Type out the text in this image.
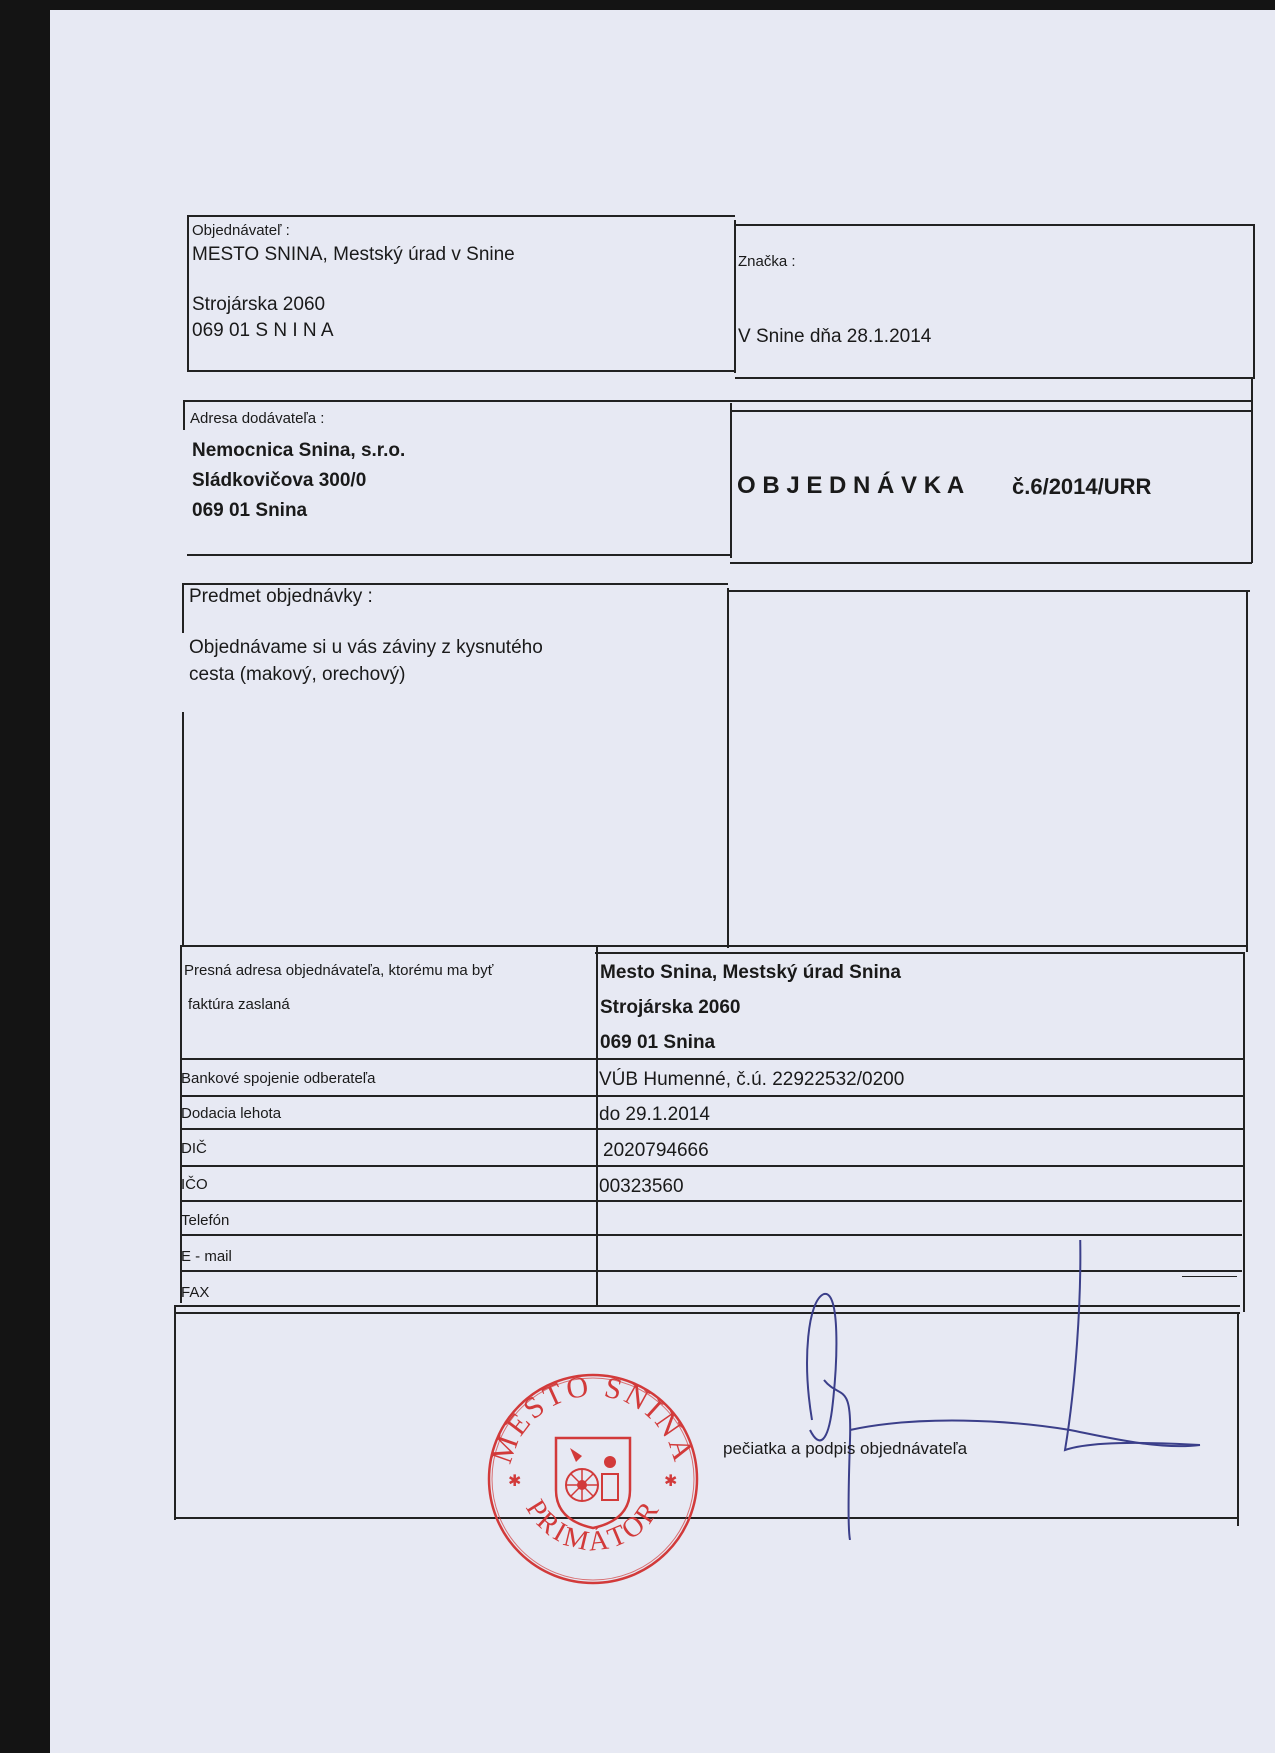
Objednávateľ :
MESTO SNINA, Mestský úrad v Snine
Strojárska 2060
069 01 S N I N A
Značka :
V Snine dňa 28.1.2014
Adresa dodávateľa :
Nemocnica Snina, s.r.o.
Sládkovičova 300/0
069 01 Snina
O B J E D N Á V K A č.6/2014/URR
Predmet objednávky :
Objednávame si u vás záviny z kysnutého
cesta (makový, orechový)
Presná adresa objednávateľa, ktorému ma byť
faktúra zaslaná
Mesto Snina, Mestský úrad Snina
Strojárska 2060
069 01 Snina
Bankové spojenie odberateľa	VÚB Humenné, č.ú. 22922532/0200
Dodacia lehota	do 29.1.2014
DIČ	2020794666
IČO	00323560
Telefón
E - mail
FAX
MESTO SNINA
PRIMÁTOR
✱	✱
pečiatka a podpis objednávateľa
